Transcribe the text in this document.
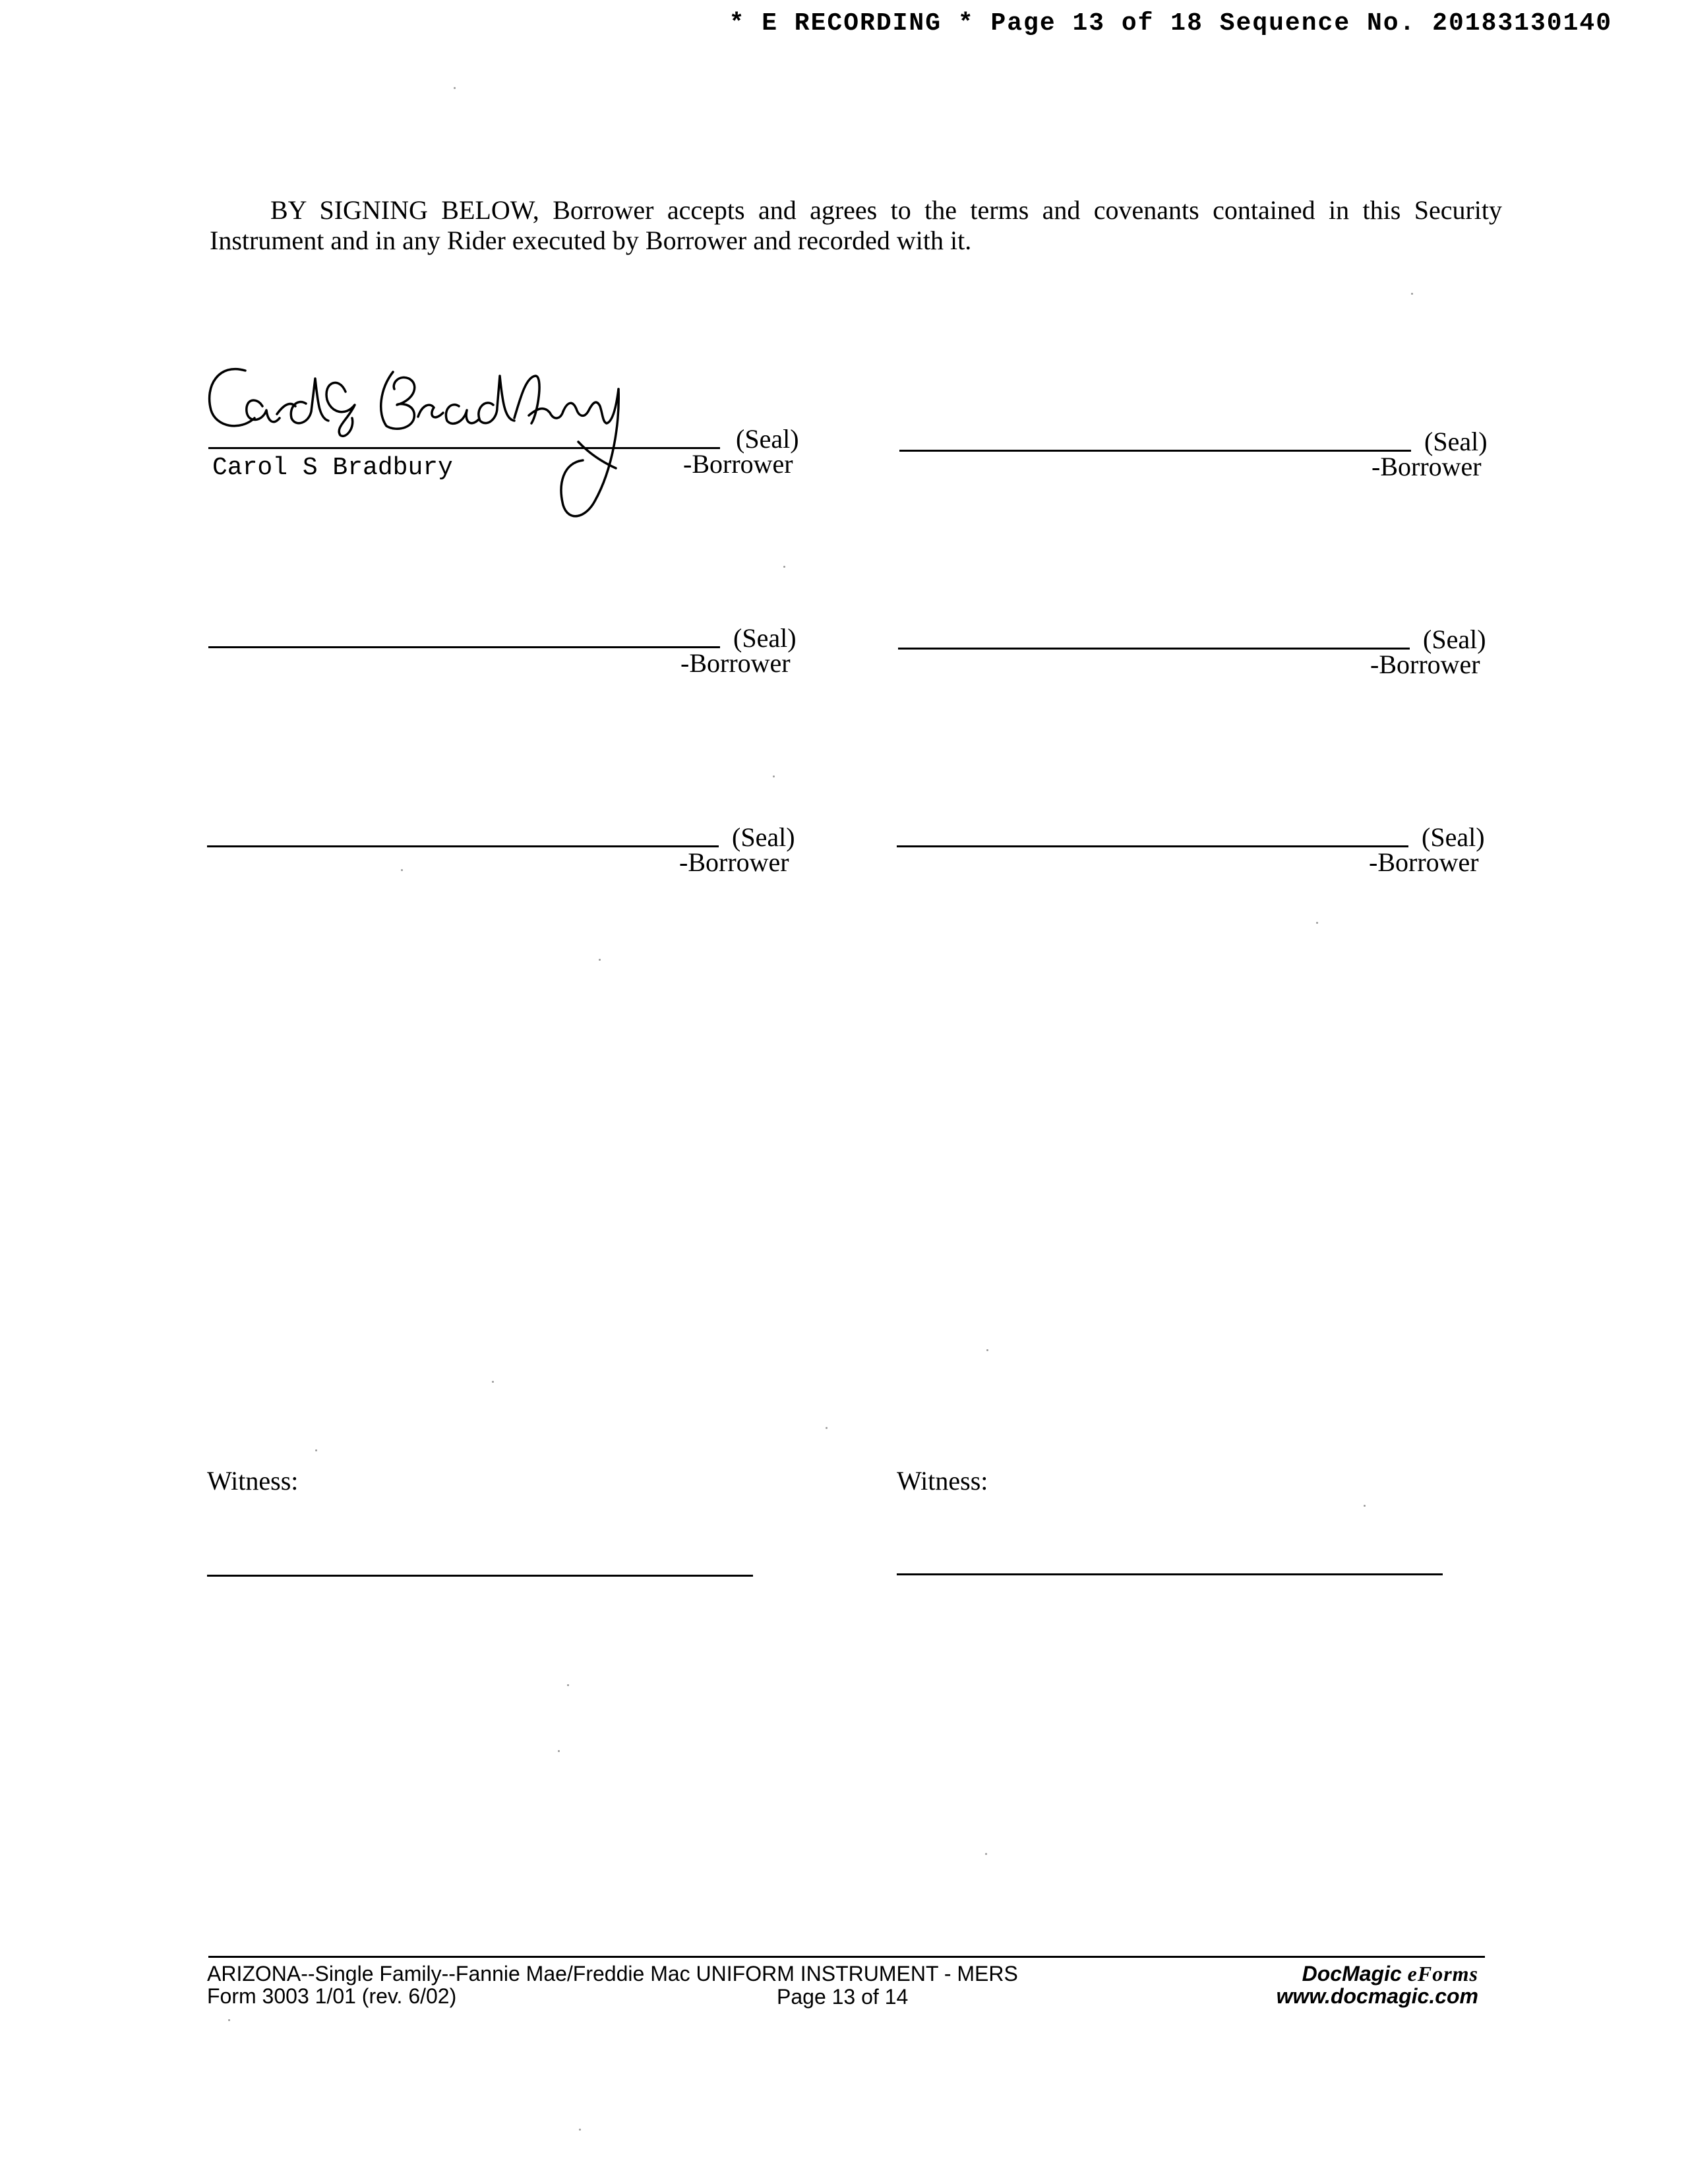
* E RECORDING * Page 13 of 18 Sequence No. 20183130140

BY SIGNING BELOW, Borrower accepts and agrees to the terms and covenants contained in this Security

Instrument and in any Rider executed by Borrower and recorded with it.

(Seal)
-Borrower
Carol S Bradbury
(Seal)
-Borrower
(Seal)
-Borrower
(Seal)
-Borrower
(Seal)
-Borrower
(Seal)
-Borrower
Witness:	Witness:
ARIZONA--Single Family--Fannie Mae/Freddie Mac UNIFORM INSTRUMENT - MERS
Form 3003 1/01 (rev. 6/02)	Page 13 of 14
DocMagic eForms
www.docmagic.com
